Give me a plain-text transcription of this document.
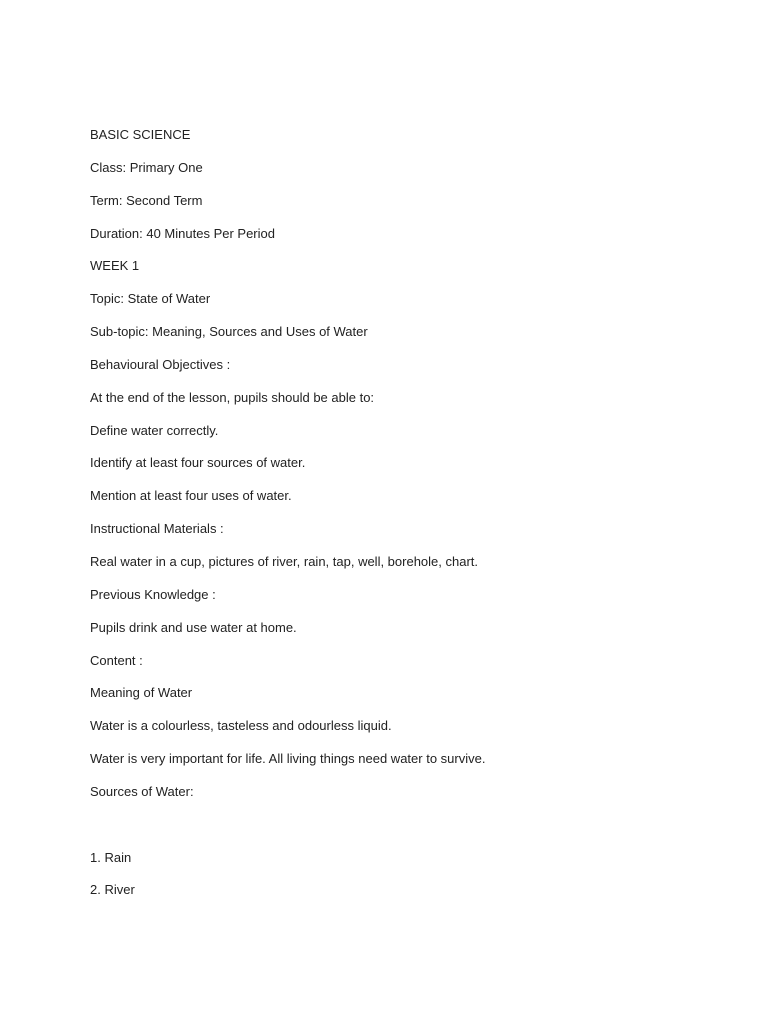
BASIC SCIENCE
Class: Primary One
Term: Second Term
Duration: 40 Minutes Per Period
WEEK 1
Topic: State of Water
Sub-topic: Meaning, Sources and Uses of Water
Behavioural Objectives :
At the end of the lesson, pupils should be able to:
Define water correctly.
Identify at least four sources of water.
Mention at least four uses of water.
Instructional Materials :
Real water in a cup, pictures of river, rain, tap, well, borehole, chart.
Previous Knowledge :
Pupils drink and use water at home.
Content :
Meaning of Water
Water is a colourless, tasteless and odourless liquid.
Water is very important for life. All living things need water to survive.
Sources of Water:
1. Rain
2. River
